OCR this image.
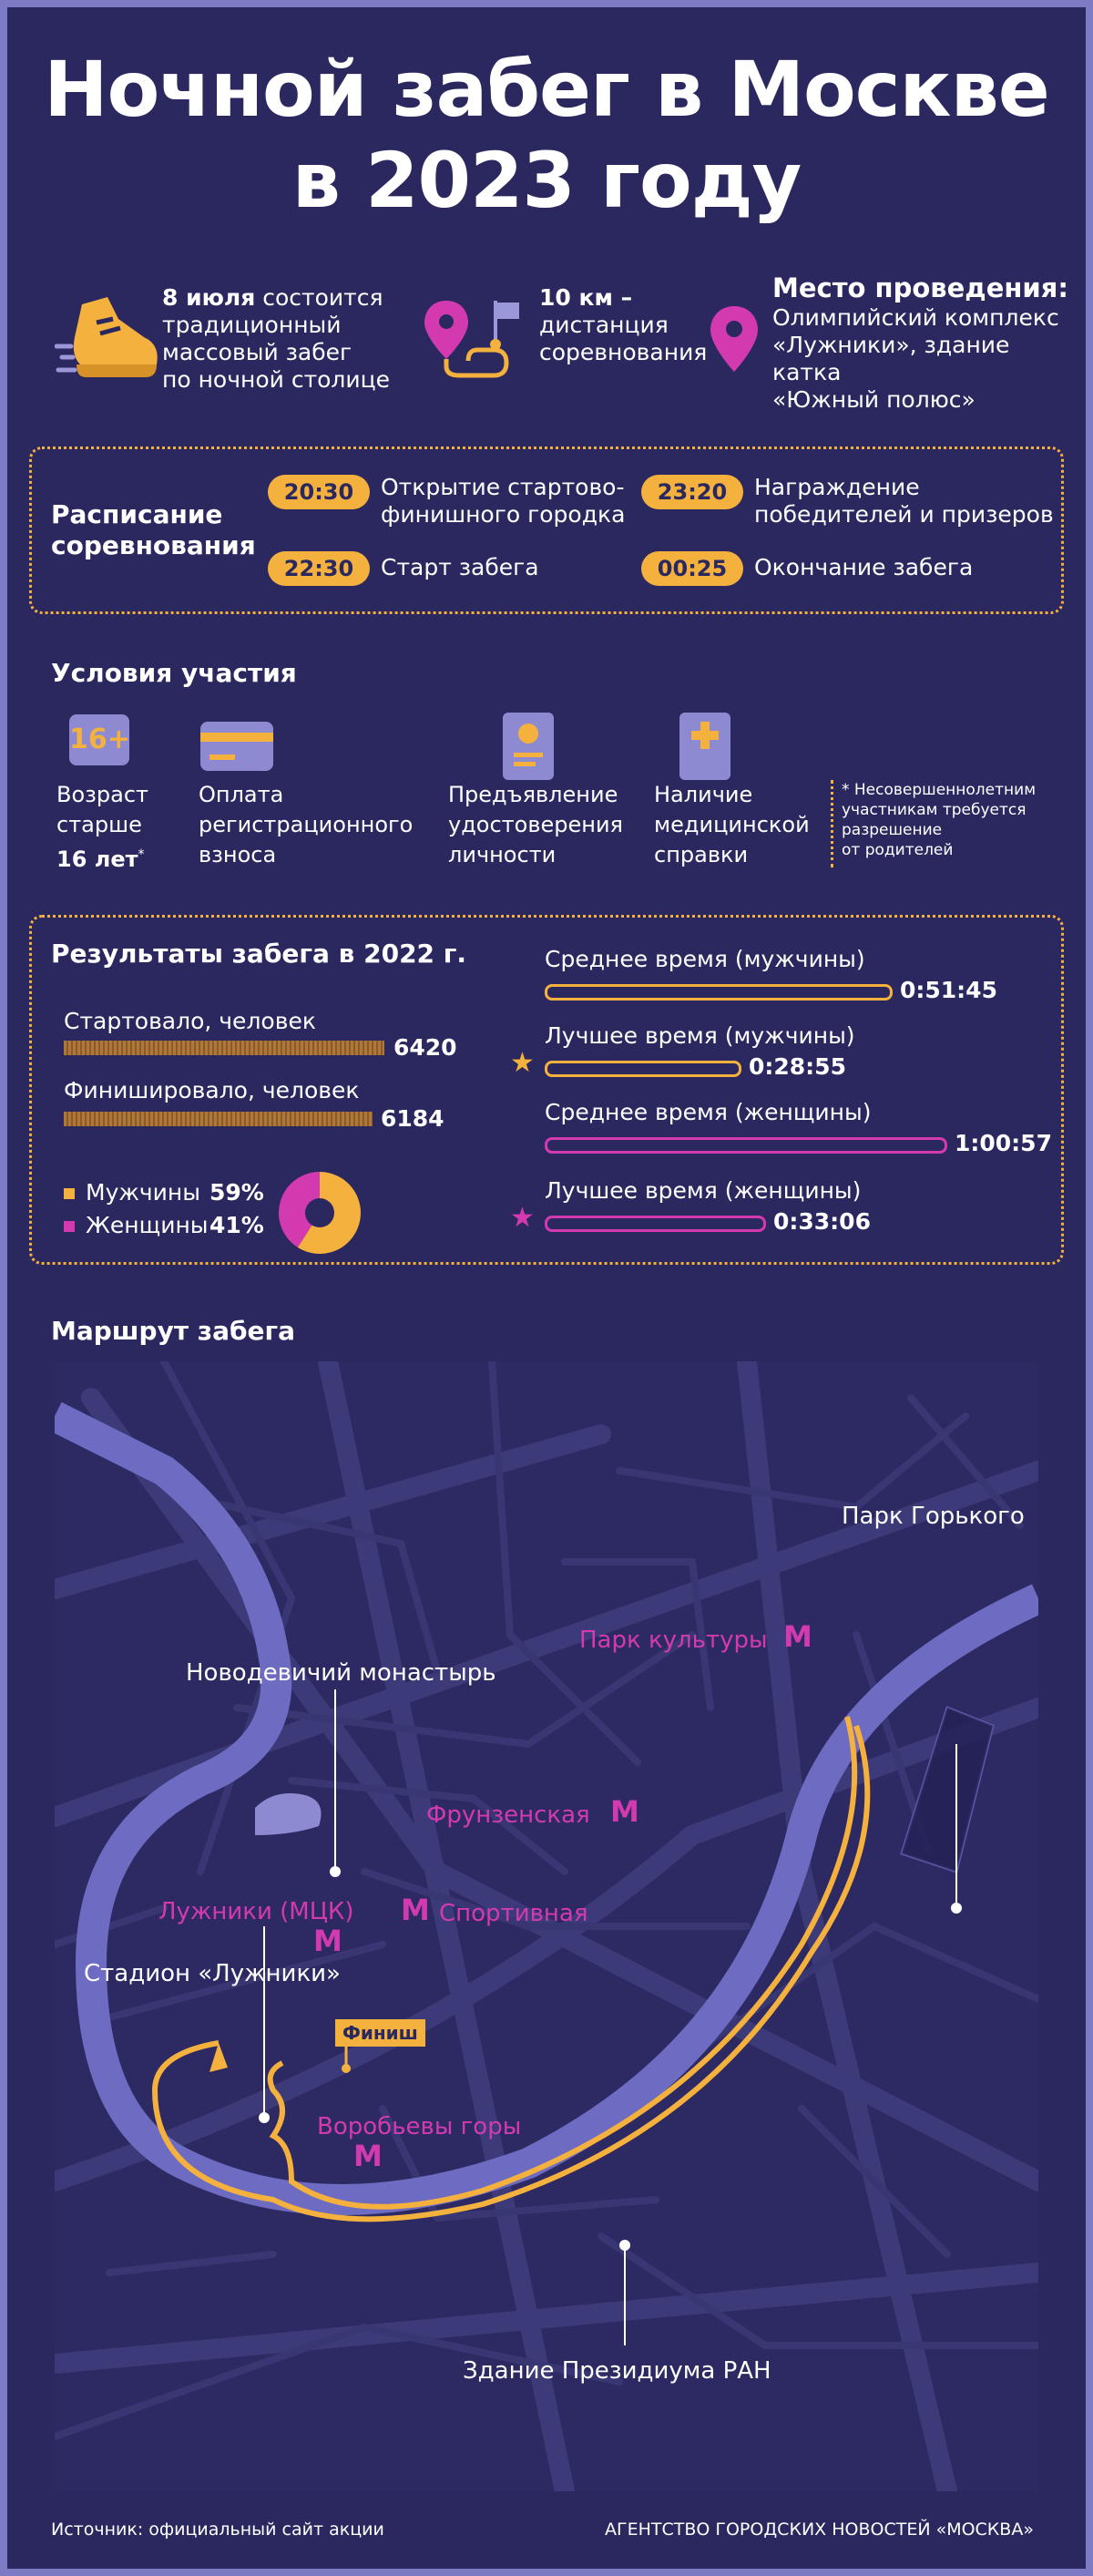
Ночной забег в Москве
в 2023 году
8 июля состоится
традиционный
массовый забег
по ночной столице
10 км –
дистанция
соревнования
Место проведения:
Олимпийский комплекс
«Лужники», здание катка
«Южный полюс»
Расписание
соревнования
20:30	Открытие стартово-
финишного городка
22:30	Старт забега
23:20	Награждение
победителей и призеров
00:25	Окончание забега
Условия участия
16+
Возраст
старше
16 лет*
Оплата
регистрационного
взноса
Предъявление
удостоверения
личности
Наличие
медицинской
справки
* Несовершеннолетним
участникам требуется
разрешение
от родителей
Результаты забега в 2022 г.
Стартовало, человек
6420
Финишировало, человек
6184
Мужчины 59%
Женщины 41%
Маршрут забега
Парк Горького
Парк культуры M
Новодевичий монастырь
Фрунзенская M
Лужники (МЦК)
M
M Спортивная
Стадион «Лужники»
Финиш
Воробьевы горы
M
Здание Президиума РАН
Источник: официальный сайт акции	АГЕНТСТВО ГОРОДСКИХ НОВОСТЕЙ «МОСКВА»
Среднее время (мужчины)
0:51:45
Лучшее время (мужчины)
0:28:55
★
Среднее время (женщины)
1:00:57
Лучшее время (женщины)
0:33:06
★
